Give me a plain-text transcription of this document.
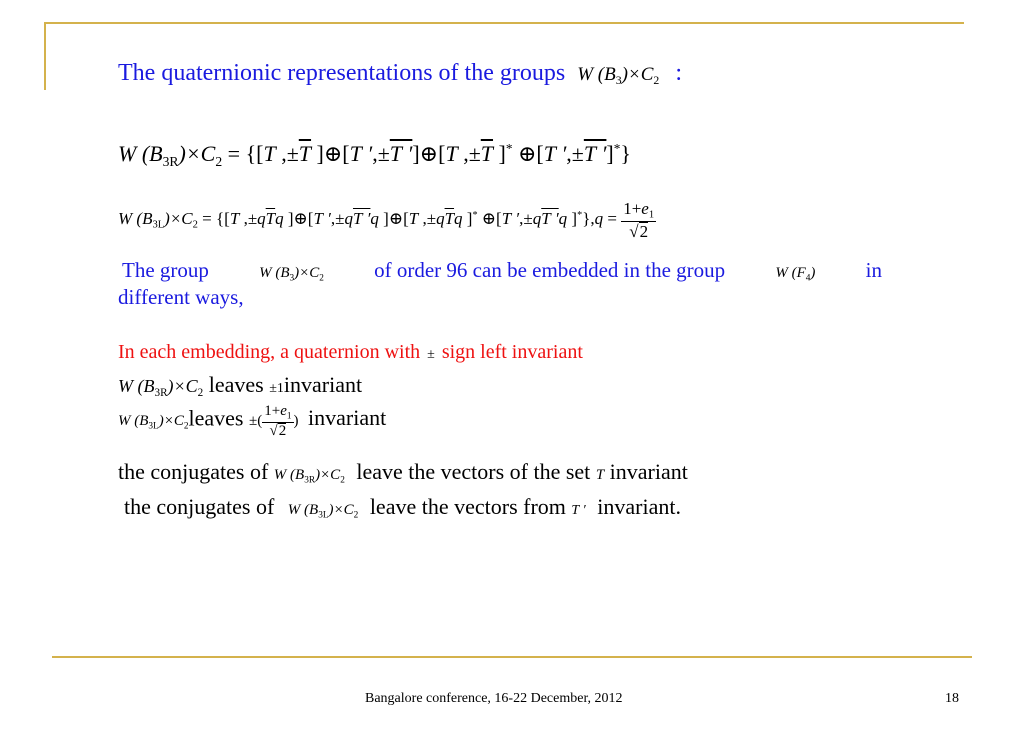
The quaternionic representations of the groups W $(B_3)\times C_2$ :
W $(B_{3R})\times C_2 = \{[T$ $,\pm\overline{T}$ ]⊕[T ′,±T ′]⊕[T $,\pm\overline{T}$ ]* ⊕[T ′,±T ′]*}
W $(B_{3L})\times C_2 = \{[T$ $,\pm q\overline{T}q$ ]⊕[T ′,±qT ′q ]⊕[T $,\pm q\overline{T}q$ ]* ⊕[T ′,±qT ′q ]$^*\},q = \frac{1+e_1}{√2}$
The group	W $(B_3)\times C_2$ of order 96 can be embedded in the group	W $(F_4)$ in
different ways,
In each embedding, a quaternion with ± sign left invariant
W $(B_{3R})\times C_2$ leaves ±1invariant
W $(B_{3L})\times C_2leaves$ ±( $\frac{1+e_1}{√2}$ ) invariant
the conjugates of W $(B_{3R})\times C_2$ leave the vectors of the set T invariant
the conjugates of W $(B_{3L})\times C_2$ leave the vectors from T ′ invariant.
Bangalore conference, 16-22 December, 2012	18
